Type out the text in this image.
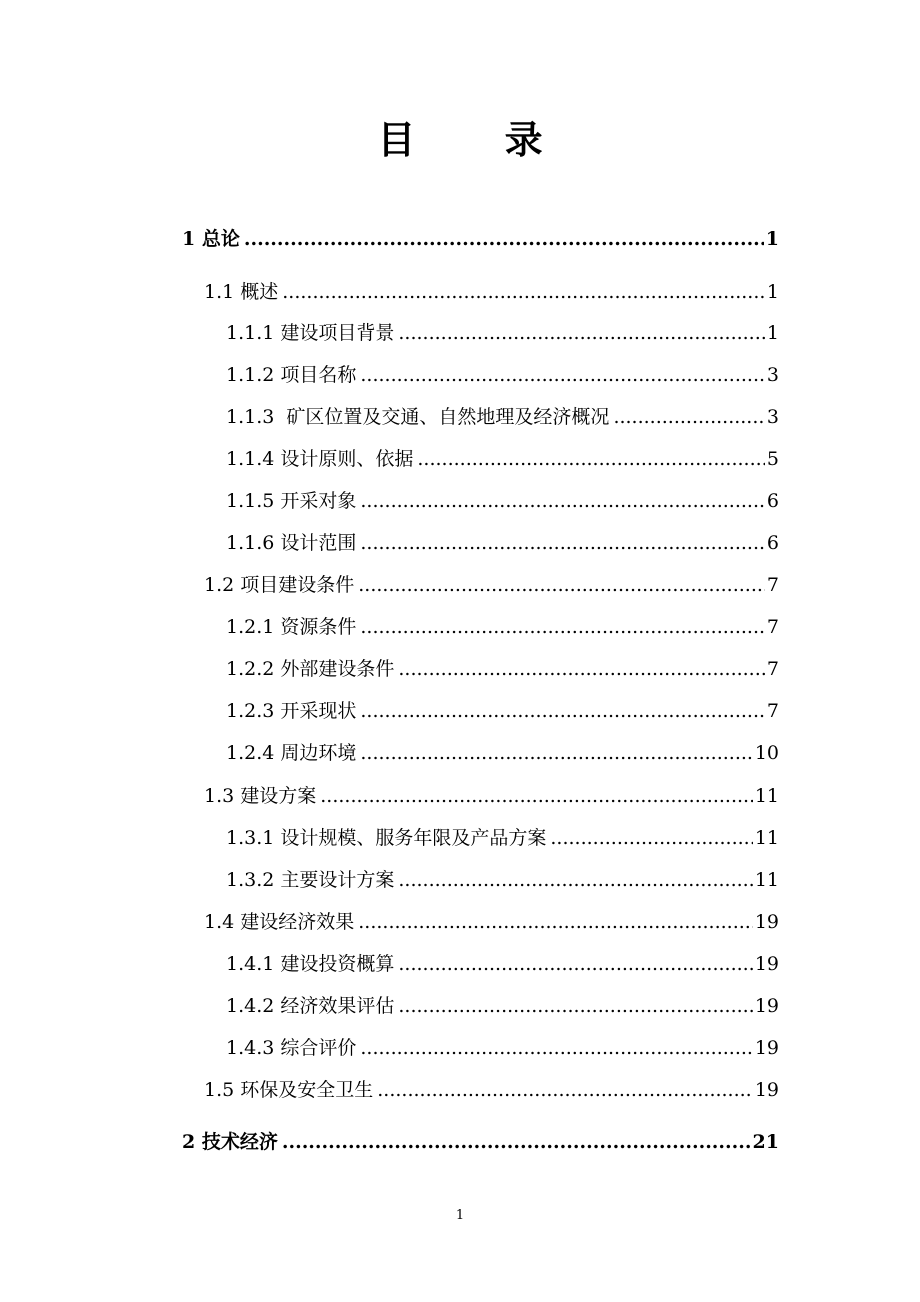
目 录
1 总论 .....	1
1.1 概述 .....	1
1.1.1 建设项目背景 .....	1
1.1.2 项目名称 .....	3
1.1.3  矿区位置及交通、自然地理及经济概况 .....	3
1.1.4 设计原则、依据 .....	5
1.1.5 开采对象 .....	6
1.1.6 设计范围 .....	6
1.2 项目建设条件 .....	7
1.2.1 资源条件 .....	7
1.2.2 外部建设条件 .....	7
1.2.3 开采现状 .....	7
1.2.4 周边环境 .....	10
1.3 建设方案 .....	11
1.3.1 设计规模、服务年限及产品方案 .....	11
1.3.2 主要设计方案 .....	11
1.4 建设经济效果 .....	19
1.4.1 建设投资概算 .....	19
1.4.2 经济效果评估 .....	19
1.4.3 综合评价 .....	19
1.5 环保及安全卫生 .....	19
2 技术经济 .....	21
1
